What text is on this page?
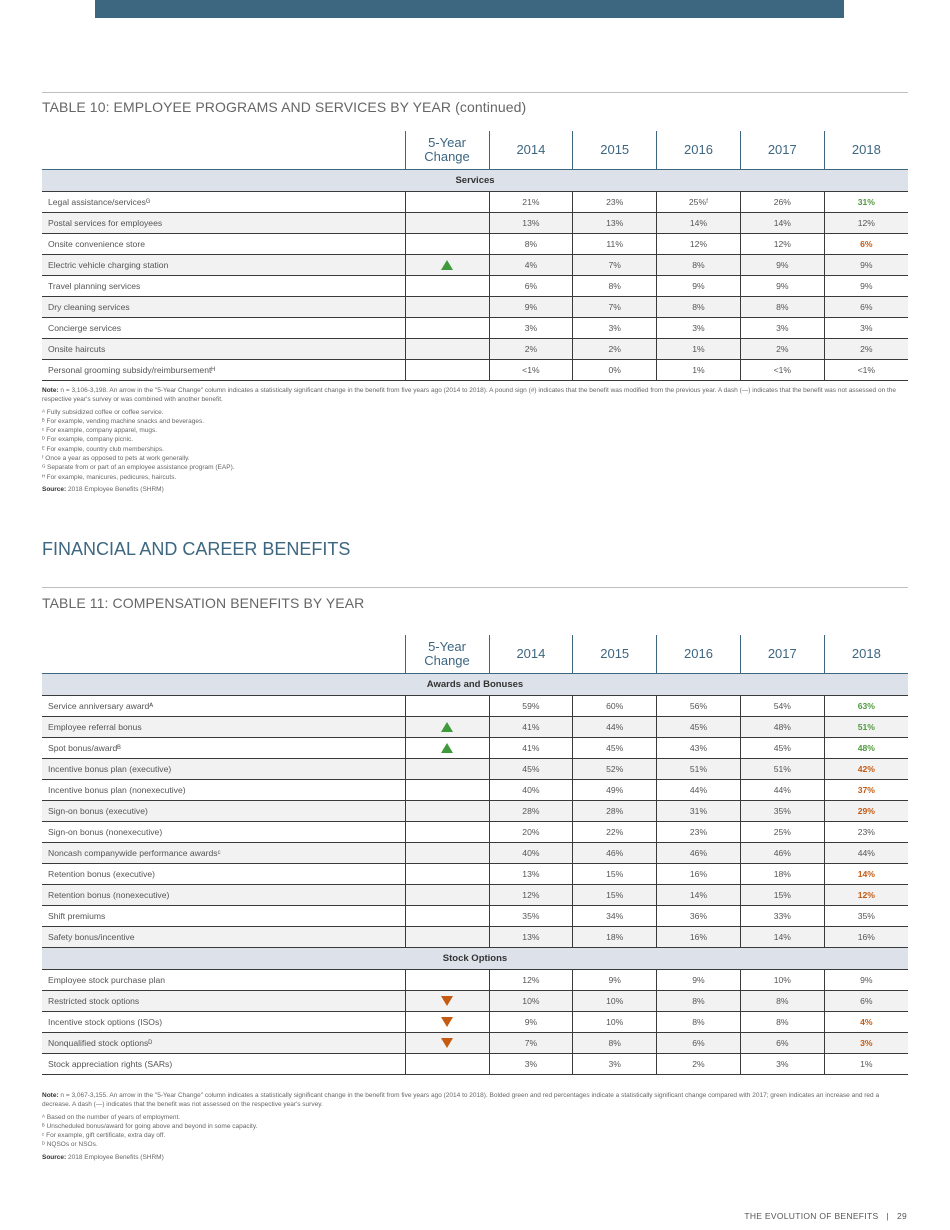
TABLE 10: EMPLOYEE PROGRAMS AND SERVICES BY YEAR (continued)
	5-Year Change	2014	2015	2016	2017	2018
Services						
Legal assistance/servicesᴳ		21%	23%	25%ᶠ	26%	31%
Postal services for employees		13%	13%	14%	14%	12%
Onsite convenience store		8%	11%	12%	12%	6%
Electric vehicle charging station		4%	7%	8%	9%	9%
Travel planning services		6%	8%	9%	9%	9%
Dry cleaning services		9%	7%	8%	8%	6%
Concierge services		3%	3%	3%	3%	3%
Onsite haircuts		2%	2%	1%	2%	2%
Personal grooming subsidy/reimbursementᴴ		<1%	0%	1%	<1%	<1%

Note: n = 3,106-3,198. An arrow in the "5-Year Change" column indicates a statistically significant change in the benefit from five years ago (2014 to 2018). A pound sign (#) indicates that the benefit was modified from the previous year. A dash (—) indicates that the benefit was not assessed on the respective year's survey or was combined with another benefit.

ᴬ Fully subsidized coffee or coffee service.

ᴮ For example, vending machine snacks and beverages.

ᶜ For example, company apparel, mugs.

ᴰ For example, company picnic.

ᴱ For example, country club memberships.

ᶠ Once a year as opposed to pets at work generally.

ᴳ Separate from or part of an employee assistance program (EAP).

ᴴ For example, manicures, pedicures, haircuts.

Source: 2018 Employee Benefits (SHRM)

FINANCIAL AND CAREER BENEFITS
TABLE 11: COMPENSATION BENEFITS BY YEAR
	5-Year Change	2014	2015	2016	2017	2018
Awards and Bonuses						
Service anniversary awardᴬ		59%	60%	56%	54%	63%
Employee referral bonus		41%	44%	45%	48%	51%
Spot bonus/awardᴮ		41%	45%	43%	45%	48%
Incentive bonus plan (executive)		45%	52%	51%	51%	42%
Incentive bonus plan (nonexecutive)		40%	49%	44%	44%	37%
Sign-on bonus (executive)		28%	28%	31%	35%	29%
Sign-on bonus (nonexecutive)		20%	22%	23%	25%	23%
Noncash companywide performance awardsᶜ		40%	46%	46%	46%	44%
Retention bonus (executive)		13%	15%	16%	18%	14%
Retention bonus (nonexecutive)		12%	15%	14%	15%	12%
Shift premiums		35%	34%	36%	33%	35%
Safety bonus/incentive		13%	18%	16%	14%	16%
Stock Options						
Employee stock purchase plan		12%	9%	9%	10%	9%
Restricted stock options		10%	10%	8%	8%	6%
Incentive stock options (ISOs)		9%	10%	8%	8%	4%
Nonqualified stock optionsᴰ		7%	8%	6%	6%	3%
Stock appreciation rights (SARs)		3%	3%	2%	3%	1%

Note: n = 3,067-3,155. An arrow in the "5-Year Change" column indicates a statistically significant change in the benefit from five years ago (2014 to 2018). Bolded green and red percentages indicate a statistically significant change compared with 2017; green indicates an increase and red a decrease. A dash (—) indicates that the benefit was not assessed on the respective year's survey.

ᴬ Based on the number of years of employment.

ᴮ Unscheduled bonus/award for going above and beyond in some capacity.

ᶜ For example, gift certificate, extra day off.

ᴰ NQSOs or NSOs.

Source: 2018 Employee Benefits (SHRM)

THE EVOLUTION OF BENEFITS | 29
